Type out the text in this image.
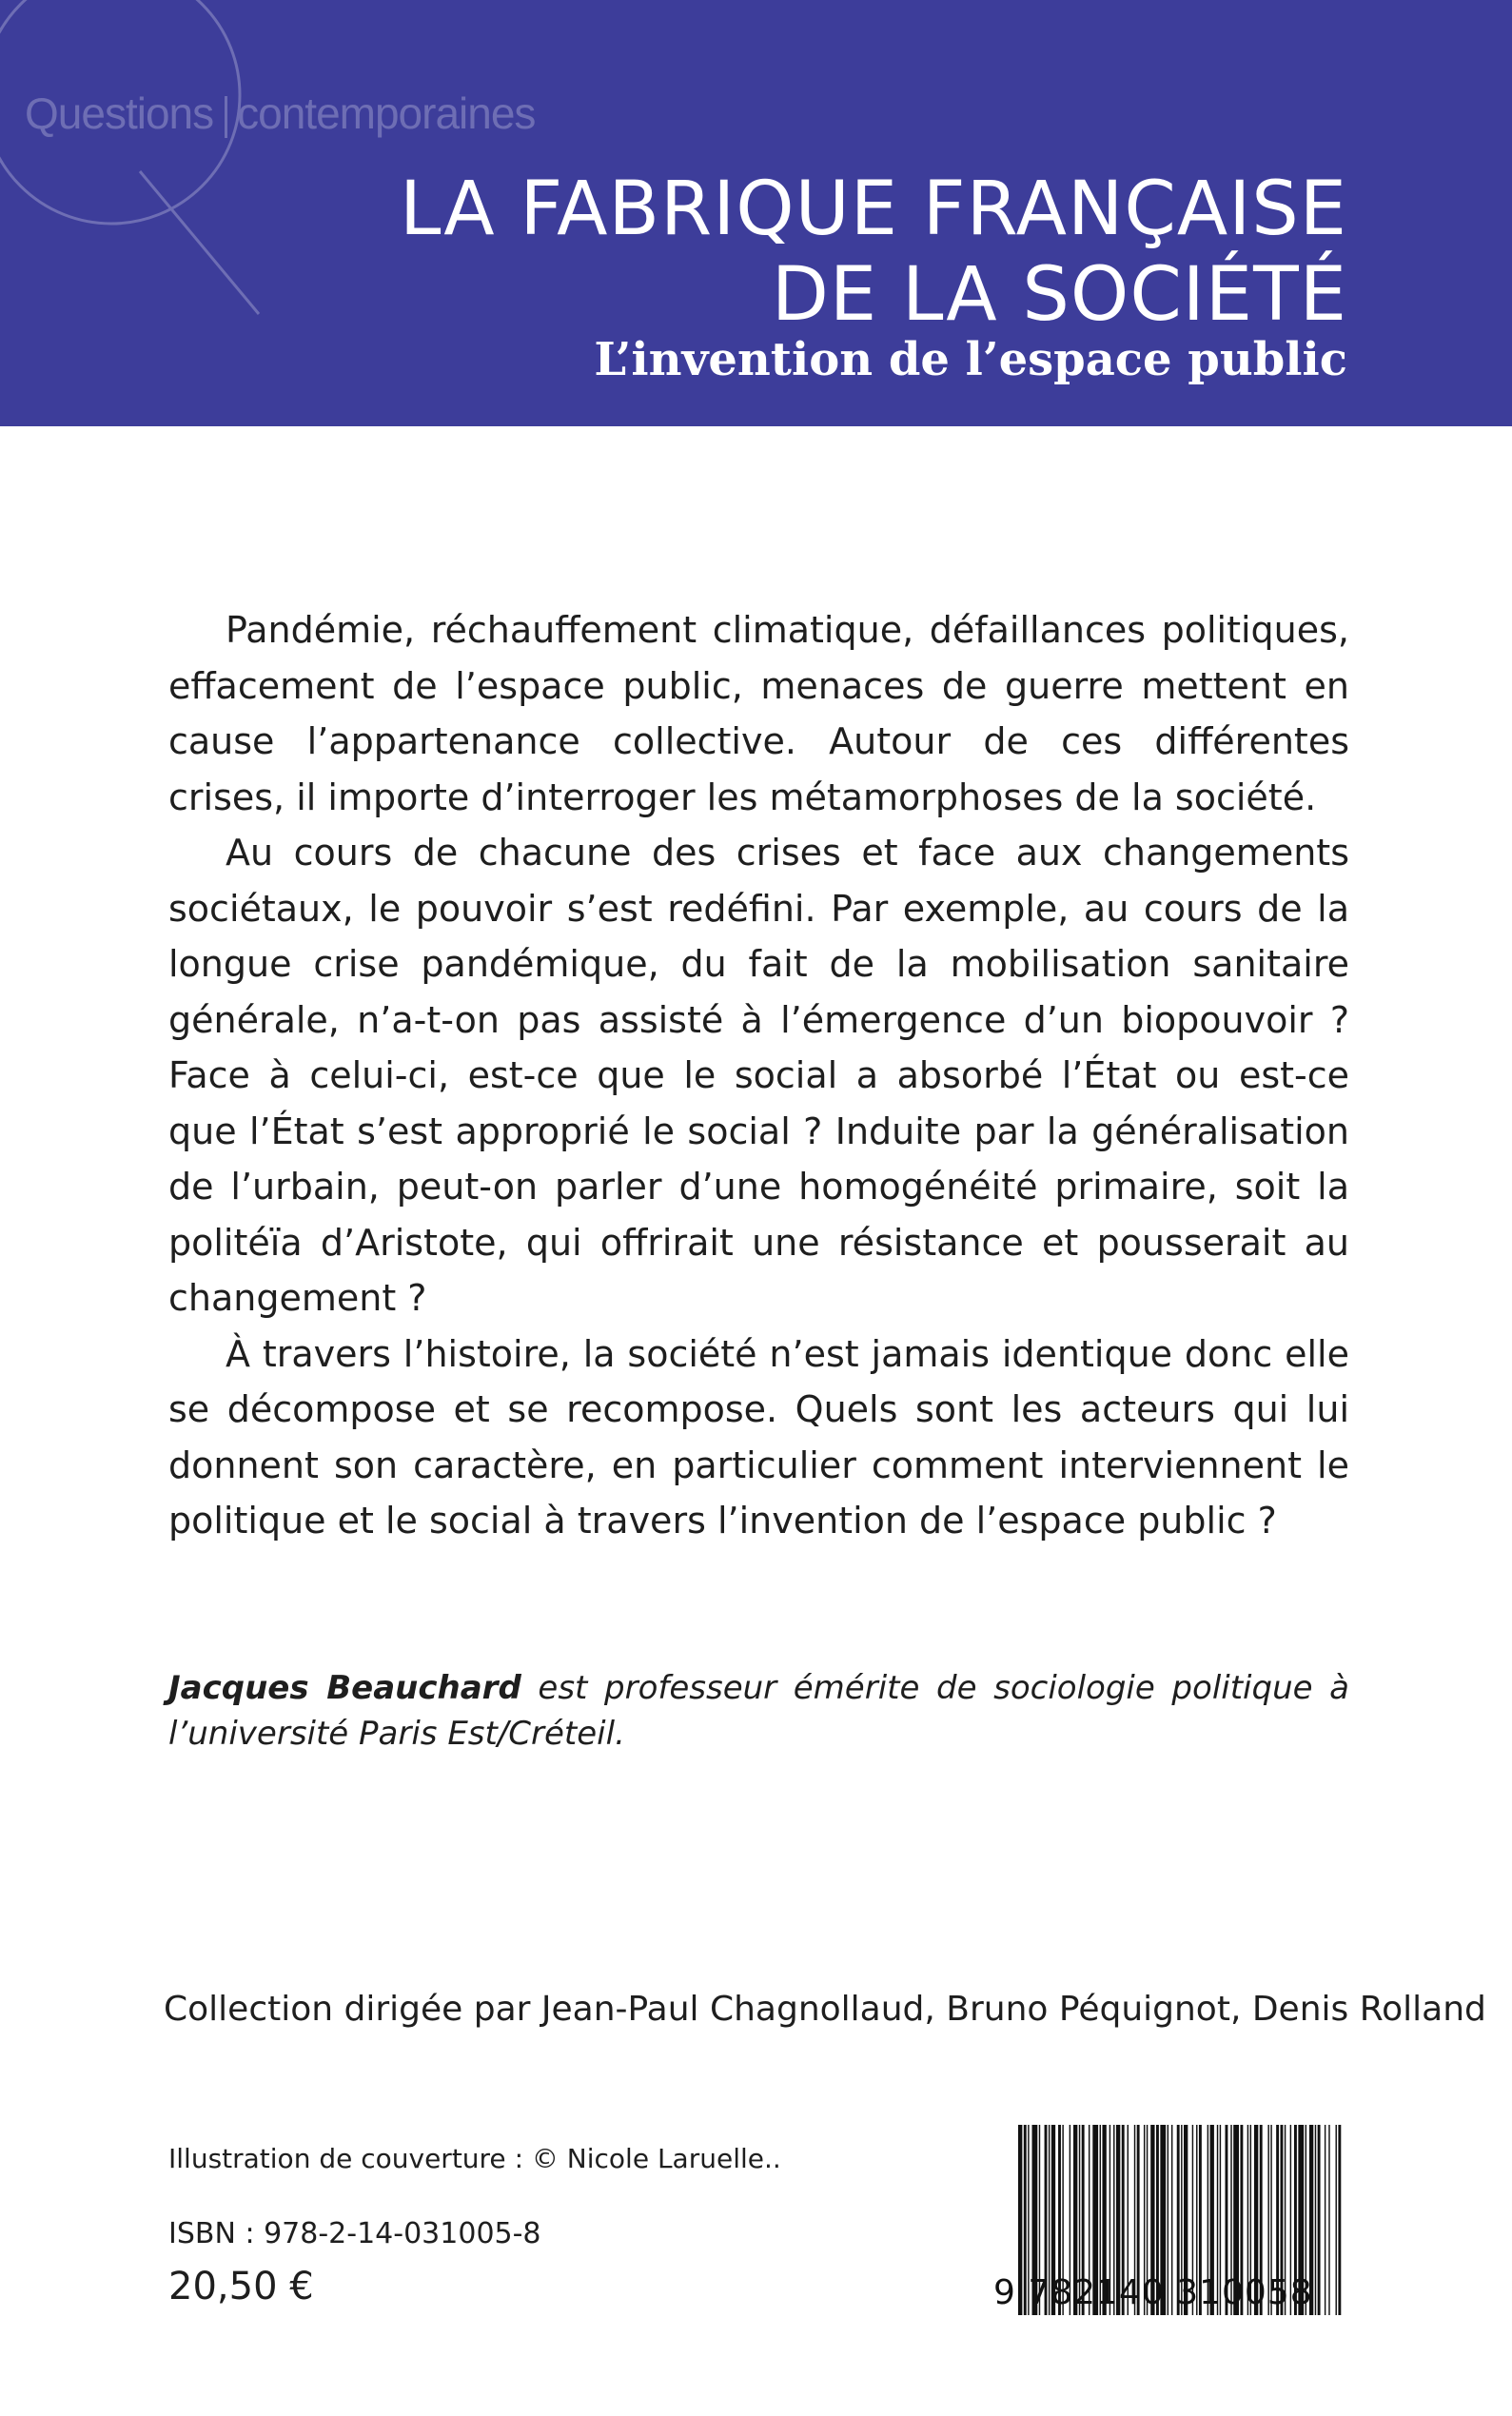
Questions contemporaines
LA FABRIQUE FRANÇAISE
DE LA SOCIÉTÉ
L’invention de l’espace public

Pandémie, réchauffement climatique, défaillances politiques, effacement de l’espace public, menaces de guerre mettent en cause l’appartenance collective. Autour de ces différentes crises, il importe d’interroger les métamorphoses de la société.

Au cours de chacune des crises et face aux changements sociétaux, le pouvoir s’est redéfini. Par exemple, au cours de la longue crise pandémique, du fait de la mobilisation sanitaire générale, n’a-t-on pas assisté à l’émergence d’un biopouvoir ? Face à celui-ci, est-ce que le social a absorbé l’État ou est-ce que l’État s’est approprié le social ? Induite par la généralisation de l’urbain, peut-on parler d’une homogénéité primaire, soit la politéïa d’Aristote, qui offrirait une résistance et pousserait au changement ?

À travers l’histoire, la société n’est jamais identique donc elle se décompose et se recompose. Quels sont les acteurs qui lui donnent son caractère, en particulier comment interviennent le politique et le social à travers l’invention de l’espace public ?

Jacques Beauchard est professeur émérite de sociologie politique à l’université Paris Est/Créteil.
Collection dirigée par Jean-Paul Chagnollaud, Bruno Péquignot, Denis Rolland
Illustration de couverture : © Nicole Laruelle..
ISBN : 978-2-14-031005-8
20,50 €	9 782140 310058
